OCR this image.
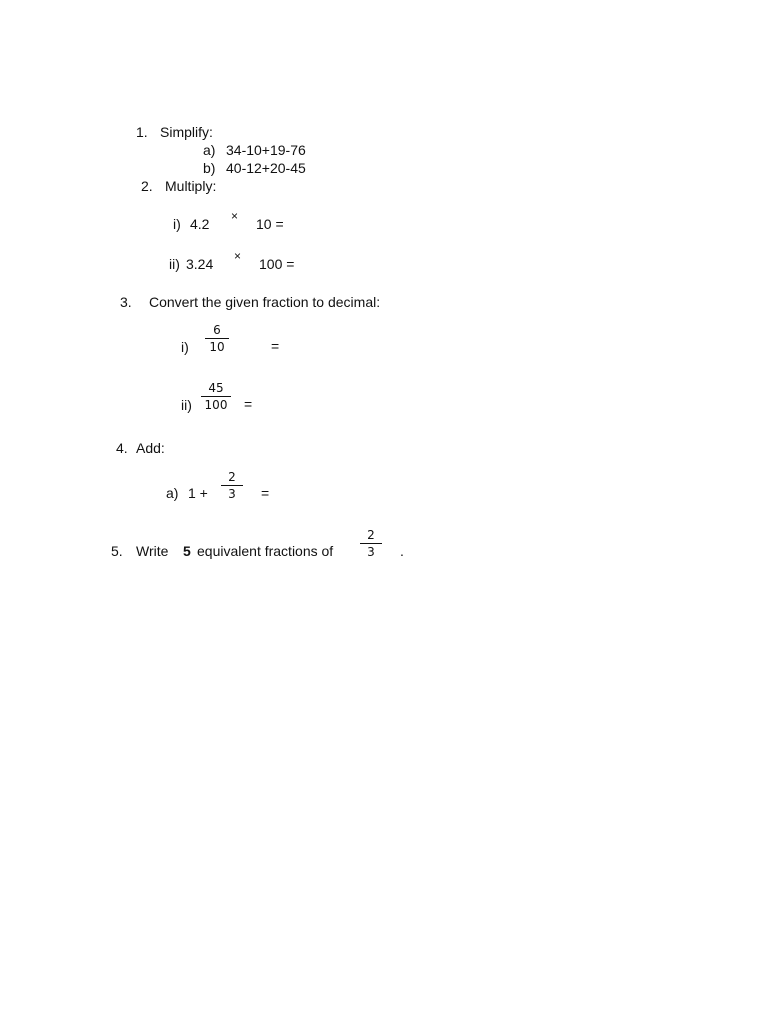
1. Simplify:
a) 34-10+19-76
b) 40-12+20-45
2. Multiply:
i) 4.2 × 10 =
ii) 3.24 × 100 =
3. Convert the given fraction to decimal:
i)
6
10	=
ii)
45
100 =
4. Add:
a) 1 +
2
3	=
5. Write 5 equivalent fractions of
2
3	.
